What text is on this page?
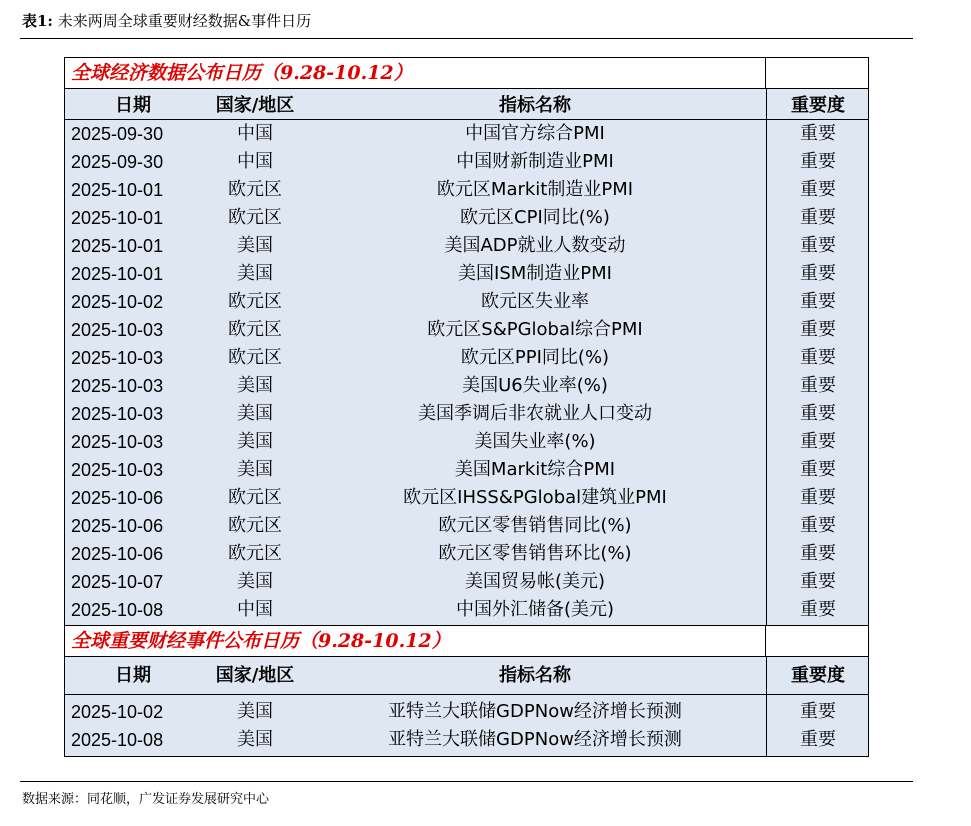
表1: 未来两周全球重要财经数据&事件日历
全球经济数据公布日历（9.28-10.12）
日期	国家/地区	指标名称	重要度
2025-09-30	中国	中国官方综合PMI	重要
2025-09-30	中国	中国财新制造业PMI	重要
2025-10-01	欧元区	欧元区Markit制造业PMI	重要
2025-10-01	欧元区	欧元区CPI同比(%)	重要
2025-10-01	美国	美国ADP就业人数变动	重要
2025-10-01	美国	美国ISM制造业PMI	重要
2025-10-02	欧元区	欧元区失业率	重要
2025-10-03	欧元区	欧元区S&PGlobal综合PMI	重要
2025-10-03	欧元区	欧元区PPI同比(%)	重要
2025-10-03	美国	美国U6失业率(%)	重要
2025-10-03	美国	美国季调后非农就业人口变动	重要
2025-10-03	美国	美国失业率(%)	重要
2025-10-03	美国	美国Markit综合PMI	重要
2025-10-06	欧元区	欧元区IHSS&PGlobal建筑业PMI	重要
2025-10-06	欧元区	欧元区零售销售同比(%)	重要
2025-10-06	欧元区	欧元区零售销售环比(%)	重要
2025-10-07	美国	美国贸易帐(美元)	重要
2025-10-08	中国	中国外汇储备(美元)	重要
全球重要财经事件公布日历（9.28-10.12）
日期	国家/地区	指标名称	重要度
2025-10-02	美国	亚特兰大联储GDPNow经济增长预测	重要
2025-10-08	美国	亚特兰大联储GDPNow经济增长预测	重要
数据来源：同花顺，广发证券发展研究中心
